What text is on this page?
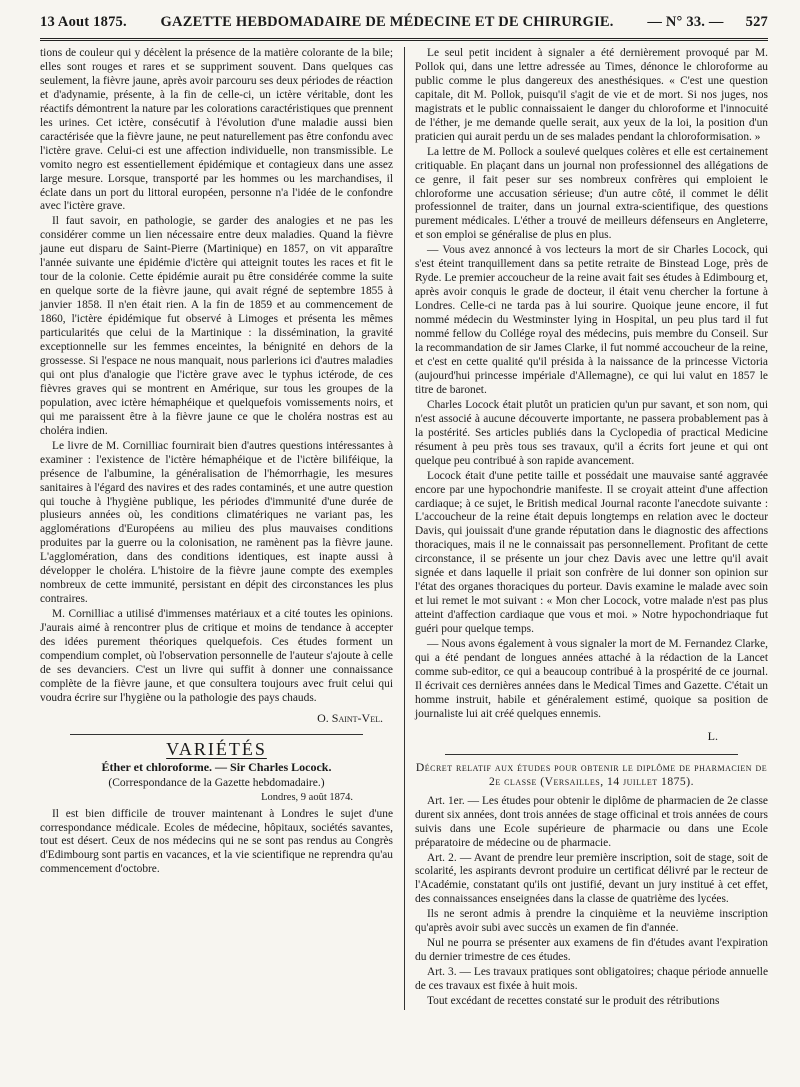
13 Aout 1875. GAZETTE HEBDOMADAIRE DE MÉDECINE ET DE CHIRURGIE. — N° 33. — 527

tions de couleur qui y décèlent la présence de la matière colorante de la bile; elles sont rouges et rares et se suppriment souvent. Dans quelques cas seulement, la fièvre jaune, après avoir parcouru ses deux périodes de réaction et d'adynamie, présente, à la fin de celle-ci, un ictère véritable, dont les réactifs démontrent la nature par les colorations caractéristiques que prennent les urines. Cet ictère, consécutif à l'évolution d'une maladie aussi bien caractérisée que la fièvre jaune, ne peut naturellement pas être confondu avec l'ictère grave. Celui-ci est une affection individuelle, non transmissible. Le vomito negro est essentiellement épidémique et contagieux dans une assez large mesure. Lorsque, transporté par les hommes ou les marchandises, il éclate dans un port du littoral européen, personne n'a l'idée de le confondre avec l'ictère grave.

Il faut savoir, en pathologie, se garder des analogies et ne pas les considérer comme un lien nécessaire entre deux maladies. Quand la fièvre jaune eut disparu de Saint-Pierre (Martinique) en 1857, on vit apparaître l'année suivante une épidémie d'ictère qui atteignit toutes les races et fit le tour de la colonie. Cette épidémie aurait pu être considérée comme la suite en quelque sorte de la fièvre jaune, qui avait régné de septembre 1855 à janvier 1858. Il n'en était rien. A la fin de 1859 et au commencement de 1860, l'ictère épidémique fut observé à Limoges et présenta les mêmes particularités que celui de la Martinique : la dissémination, la gravité exceptionnelle sur les femmes enceintes, la bénignité en dehors de la grossesse. Si l'espace ne nous manquait, nous parlerions ici d'autres maladies qui ont plus d'analogie que l'ictère grave avec le typhus ictérode, de ces fièvres graves qui se montrent en Amérique, sur tous les groupes de la population, avec ictère hémaphéique et quelquefois vomissements noirs, et qui me paraissent être à la fièvre jaune ce que le choléra nostras est au choléra indien.

Le livre de M. Cornilliac fournirait bien d'autres questions intéressantes à examiner : l'existence de l'ictère hémaphéique et de l'ictère biliféique, la présence de l'albumine, la généralisation de l'hémorrhagie, les mesures sanitaires à l'égard des navires et des rades contaminés, et une autre question qui touche à l'hygiène publique, les périodes d'immunité d'une durée de plusieurs années où, les conditions climatériques ne variant pas, les agglomérations d'Européens au milieu des plus mauvaises conditions produites par la guerre ou la colonisation, ne ramènent pas la fièvre jaune. L'agglomération, dans des conditions identiques, est inapte aussi à développer le choléra. L'histoire de la fièvre jaune compte des exemples nombreux de cette immunité, persistant en dépit des circonstances les plus contraires.

M. Cornilliac a utilisé d'immenses matériaux et a cité toutes les opinions. J'aurais aimé à rencontrer plus de critique et moins de tendance à accepter des idées purement théoriques quelquefois. Ces études forment un compendium complet, où l'observation personnelle de l'auteur s'ajoute à celle de ses devanciers. C'est un livre qui suffit à donner une connaissance complète de la fièvre jaune, et que consultera toujours avec fruit celui qui voudra écrire sur l'hygiène ou la pathologie des pays chauds.

O. Saint-Vel.
VARIÉTÉS
Éther et chloroforme. — Sir Charles Locock.
(Correspondance de la Gazette hebdomadaire.)
Londres, 9 août 1874.

Il est bien difficile de trouver maintenant à Londres le sujet d'une correspondance médicale. Ecoles de médecine, hôpitaux, sociétés savantes, tout est désert. Ceux de nos médecins qui ne se sont pas rendus au Congrès d'Edimbourg sont partis en vacances, et la vie scientifique ne reprendra qu'au commencement d'octobre.

Le seul petit incident à signaler a été dernièrement provoqué par M. Pollok qui, dans une lettre adressée au Times, dénonce le chloroforme au public comme le plus dangereux des anesthésiques. « C'est une question capitale, dit M. Pollok, puisqu'il s'agit de vie et de mort. Si nos juges, nos magistrats et le public connaissaient le danger du chloroforme et l'innocuité de l'éther, je me demande quelle serait, aux yeux de la loi, la position d'un praticien qui aurait perdu un de ses malades pendant la chloroformisation. »

La lettre de M. Pollock a soulevé quelques colères et elle est certainement critiquable. En plaçant dans un journal non professionnel des allégations de ce genre, il fait peser sur ses nombreux confrères qui emploient le chloroforme une accusation sérieuse; d'un autre côté, il commet le délit professionnel de traiter, dans un journal extra-scientifique, des questions purement médicales. L'éther a trouvé de meilleurs défenseurs en Angleterre, et son emploi se généralise de plus en plus.

— Vous avez annoncé à vos lecteurs la mort de sir Charles Locock, qui s'est éteint tranquillement dans sa petite retraite de Binstead Loge, près de Ryde. Le premier accoucheur de la reine avait fait ses études à Edimbourg et, après avoir conquis le grade de docteur, il était venu chercher la fortune à Londres. Celle-ci ne tarda pas à lui sourire. Quoique jeune encore, il fut nommé médecin du Westminster lying in Hospital, un peu plus tard il fut nommé fellow du Collége royal des médecins, puis membre du Conseil. Sur la recommandation de sir James Clarke, il fut nommé accoucheur de la reine, et c'est en cette qualité qu'il présida à la naissance de la princesse Victoria (aujourd'hui princesse impériale d'Allemagne), ce qui lui valut en 1857 le titre de baronet.

Charles Locock était plutôt un praticien qu'un pur savant, et son nom, qui n'est associé à aucune découverte importante, ne passera probablement pas à la postérité. Ses articles publiés dans la Cyclopedia of practical Medicine résument à peu près tous ses travaux, qu'il a écrits fort jeune et qui ont quelque peu contribué à son rapide avancement.

Locock était d'une petite taille et possédait une mauvaise santé aggravée encore par une hypochondrie manifeste. Il se croyait atteint d'une affection cardiaque; à ce sujet, le British medical Journal raconte l'anecdote suivante : L'accoucheur de la reine était depuis longtemps en relation avec le docteur Davis, qui jouissait d'une grande réputation dans le diagnostic des affections thoraciques, mais il ne le connaissait pas personnellement. Profitant de cette circonstance, il se présente un jour chez Davis avec une lettre qu'il avait signée et dans laquelle il priait son confrère de lui donner son opinion sur l'état des organes thoraciques du porteur. Davis examine le malade avec soin et lui remet le mot suivant : « Mon cher Locock, votre malade n'est pas plus atteint d'affection cardiaque que vous et moi. » Notre hypochondriaque fut guéri pour quelque temps.

— Nous avons également à vous signaler la mort de M. Fernandez Clarke, qui a été pendant de longues années attaché à la rédaction de la Lancet comme sub-editor, ce qui a beaucoup contribué à la prospérité de ce journal. Il écrivait ces dernières années dans le Medical Times and Gazette. C'était un homme instruit, habile et généralement estimé, quoique sa position de journaliste lui ait créé quelques ennemis.

L.
Décret relatif aux études pour obtenir le diplôme de pharmacien de 2e classe (Versailles, 14 juillet 1875).

Art. 1er. — Les études pour obtenir le diplôme de pharmacien de 2e classe durent six années, dont trois années de stage officinal et trois années de cours suivis dans une Ecole supérieure de pharmacie ou dans une Ecole préparatoire de médecine ou de pharmacie.

Art. 2. — Avant de prendre leur première inscription, soit de stage, soit de scolarité, les aspirants devront produire un certificat délivré par le recteur de l'Académie, constatant qu'ils ont justifié, devant un jury institué à cet effet, des connaissances enseignées dans la classe de quatrième des lycées.

Ils ne seront admis à prendre la cinquième et la neuvième inscription qu'après avoir subi avec succès un examen de fin d'année.

Nul ne pourra se présenter aux examens de fin d'études avant l'expiration du dernier trimestre de ces études.

Art. 3. — Les travaux pratiques sont obligatoires; chaque période annuelle de ces travaux est fixée à huit mois.

Tout excédant de recettes constaté sur le produit des rétributions
